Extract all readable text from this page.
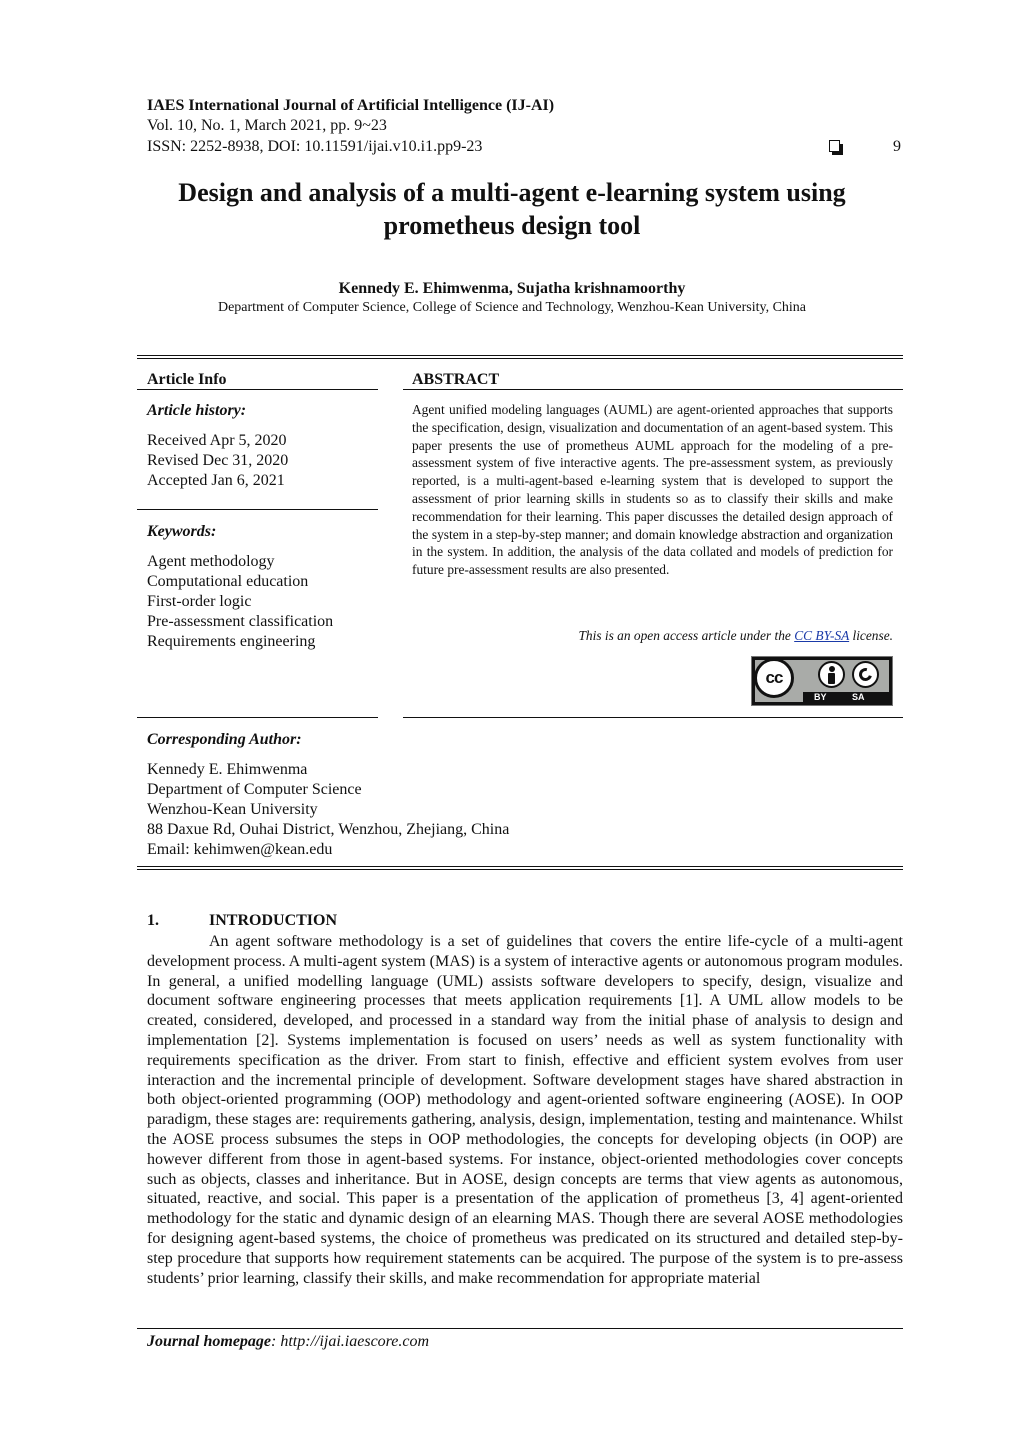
IAES International Journal of Artificial Intelligence (IJ-AI)
Vol. 10, No. 1, March 2021, pp. 9~23
ISSN: 2252-8938, DOI: 10.11591/ijai.v10.i1.pp9-23	9
Design and analysis of a multi-agent e-learning system using
prometheus design tool
Kennedy E. Ehimwenma, Sujatha krishnamoorthy
Department of Computer Science, College of Science and Technology, Wenzhou-Kean University, China
Article Info
Article history:
Received Apr 5, 2020
Revised Dec 31, 2020
Accepted Jan 6, 2021
Keywords:
Agent methodology
Computational education
First-order logic
Pre-assessment classification
Requirements engineering
ABSTRACT
Agent unified modeling languages (AUML) are agent-oriented approaches that supports the specification, design, visualization and documentation of an agent-based system. This paper presents the use of prometheus AUML approach for the modeling of a pre-assessment system of five interactive agents. The pre-assessment system, as previously reported, is a multi-agent-based e-learning system that is developed to support the assessment of prior learning skills in students so as to classify their skills and make recommendation for their learning. This paper discusses the detailed design approach of the system in a step-by-step manner; and domain knowledge abstraction and organization in the system. In addition, the analysis of the data collated and models of prediction for future pre-assessment results are also presented.
This is an open access article under the CC BY-SA license.
cc
BY	SA
Corresponding Author:
Kennedy E. Ehimwenma
Department of Computer Science
Wenzhou-Kean University
88 Daxue Rd, Ouhai District, Wenzhou, Zhejiang, China
Email: kehimwen@kean.edu
1.	INTRODUCTION
An agent software methodology is a set of guidelines that covers the entire life-cycle of a multi-agent development process. A multi-agent system (MAS) is a system of interactive agents or autonomous program modules. In general, a unified modelling language (UML) assists software developers to specify, design, visualize and document software engineering processes that meets application requirements [1]. A UML allow models to be created, considered, developed, and processed in a standard way from the initial phase of analysis to design and implementation [2]. Systems implementation is focused on users’ needs as well as system functionality with requirements specification as the driver. From start to finish, effective and efficient system evolves from user interaction and the incremental principle of development. Software development stages have shared abstraction in both object-oriented programming (OOP) methodology and agent-oriented software engineering (AOSE). In OOP paradigm, these stages are: requirements gathering, analysis, design, implementation, testing and maintenance. Whilst the AOSE process subsumes the steps in OOP methodologies, the concepts for developing objects (in OOP) are however different from those in agent-based systems. For instance, object-oriented methodologies cover concepts such as objects, classes and inheritance. But in AOSE, design concepts are terms that view agents as autonomous, situated, reactive, and social. This paper is a presentation of the application of prometheus [3, 4] agent-oriented methodology for the static and dynamic design of an elearning MAS. Though there are several AOSE methodologies for designing agent-based systems, the choice of prometheus was predicated on its structured and detailed step-by-step procedure that supports how requirement statements can be acquired. The purpose of the system is to pre-assess students’ prior learning, classify their skills, and make recommendation for appropriate material
Journal homepage: http://ijai.iaescore.com
